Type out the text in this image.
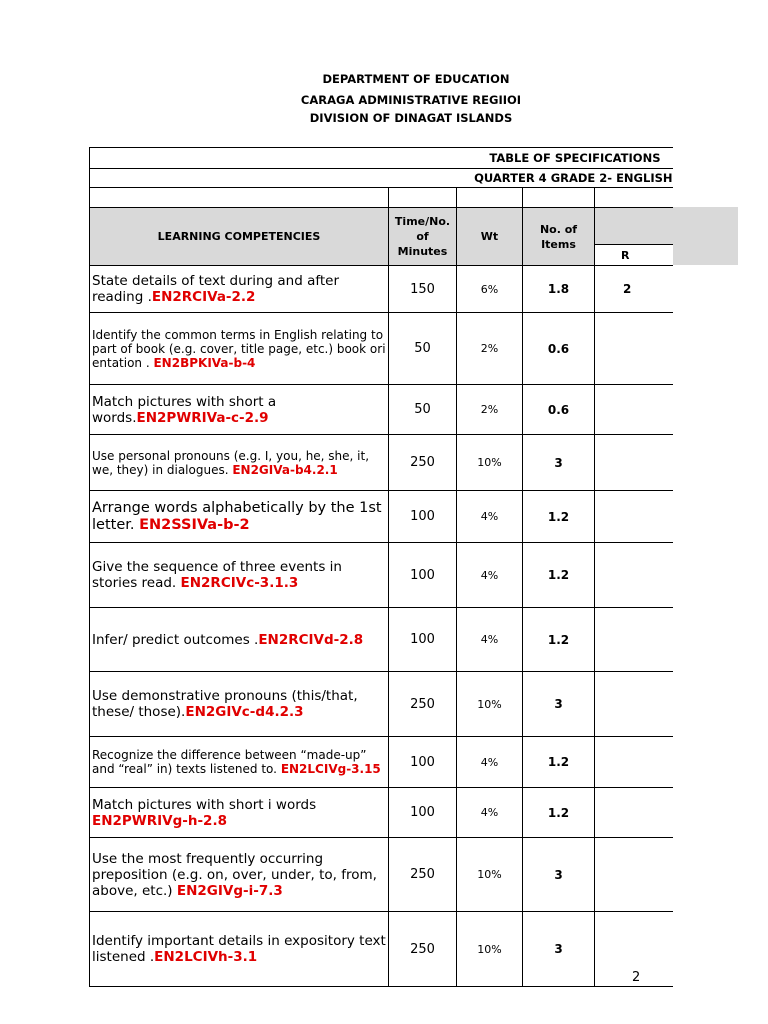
DEPARTMENT OF EDUCATION
CARAGA ADMINISTRATIVE REGIIOI
DIVISION OF DINAGAT ISLANDS
TABLE OF SPECIFICATIONS				
QUARTER 4 GRADE 2- ENGLISH				

LEARNING COMPETENCIES	Time/No. of Minutes	Wt	No. of Items	
				R
State details of text during and after reading .EN2RCIVa-2.2	150	6%	1.8	2
Identify the common terms in English relating to part of book (e.g. cover, title page, etc.) book ori entation . EN2BPKIVa-b-4	50	2%	0.6	
Match pictures with short a words.EN2PWRIVa-c-2.9	50	2%	0.6	
Use personal pronouns (e.g. I, you, he, she, it, we, they) in dialogues. EN2GIVa-b4.2.1	250	10%	3	
Arrange words alphabetically by the 1st letter. EN2SSIVa-b-2	100	4%	1.2	
Give the sequence of three events in stories read. EN2RCIVc-3.1.3	100	4%	1.2	
Infer/ predict outcomes .EN2RCIVd-2.8	100	4%	1.2	
Use demonstrative pronouns (this/that, these/ those).EN2GIVc-d4.2.3	250	10%	3	
Recognize the difference between “made-up” and “real” in) texts listened to. EN2LCIVg-3.15	100	4%	1.2	
Match pictures with short i words EN2PWRIVg-h-2.8	100	4%	1.2	
Use the most frequently occurring preposition (e.g. on, over, under, to, from, above, etc.) EN2GIVg-i-7.3	250	10%	3	
Identify important details in expository text listened .EN2LCIVh-3.1	250	10%	3	
2
